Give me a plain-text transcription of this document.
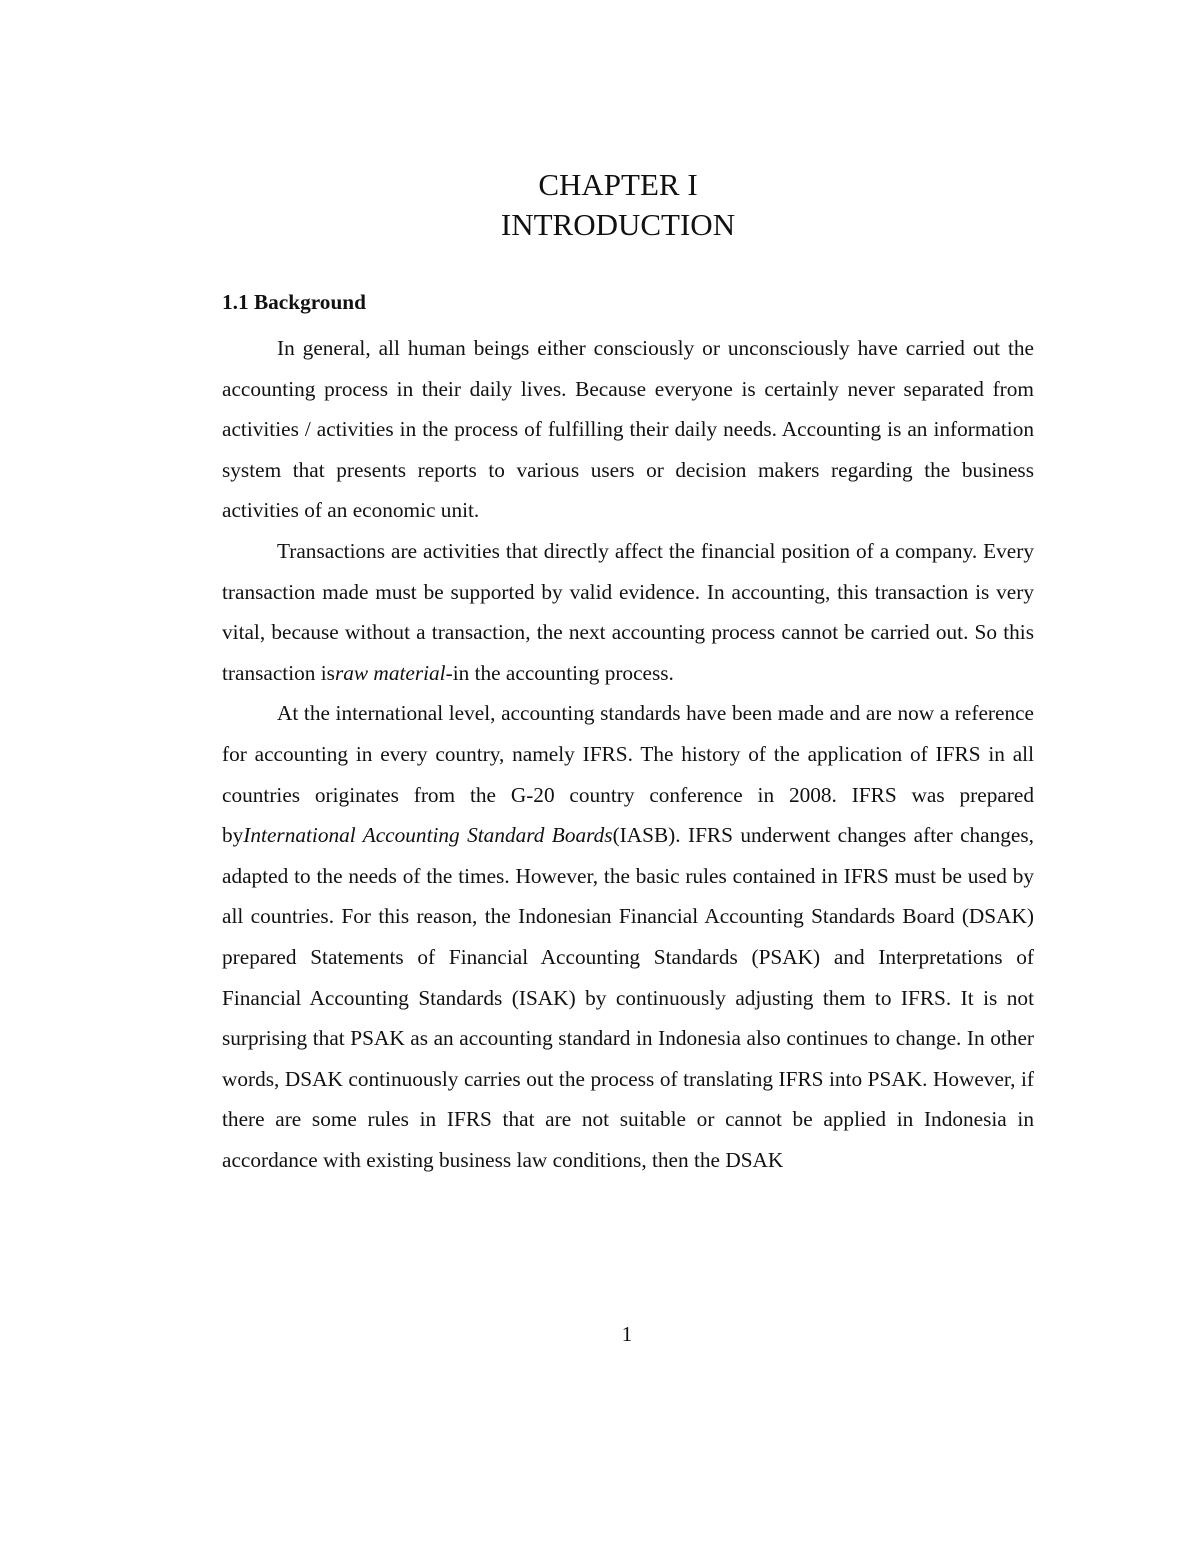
CHAPTER I
INTRODUCTION
1.1 Background

In general, all human beings either consciously or unconsciously have carried out the accounting process in their daily lives. Because everyone is certainly never separated from activities / activities in the process of fulfilling their daily needs. Accounting is an information system that presents reports to various users or decision makers regarding the business activities of an economic unit.

Transactions are activities that directly affect the financial position of a company. Every transaction made must be supported by valid evidence. In accounting, this transaction is very vital, because without a transaction, the next accounting process cannot be carried out. So this transaction israw material-in the accounting process.

At the international level, accounting standards have been made and are now a reference for accounting in every country, namely IFRS. The history of the application of IFRS in all countries originates from the G-20 country conference in 2008. IFRS was prepared byInternational Accounting Standard Boards(IASB). IFRS underwent changes after changes, adapted to the needs of the times. However, the basic rules contained in IFRS must be used by all countries. For this reason, the Indonesian Financial Accounting Standards Board (DSAK) prepared Statements of Financial Accounting Standards (PSAK) and Interpretations of Financial Accounting Standards (ISAK) by continuously adjusting them to IFRS. It is not surprising that PSAK as an accounting standard in Indonesia also continues to change. In other words, DSAK continuously carries out the process of translating IFRS into PSAK. However, if there are some rules in IFRS that are not suitable or cannot be applied in Indonesia in accordance with existing business law conditions, then the DSAK

1
